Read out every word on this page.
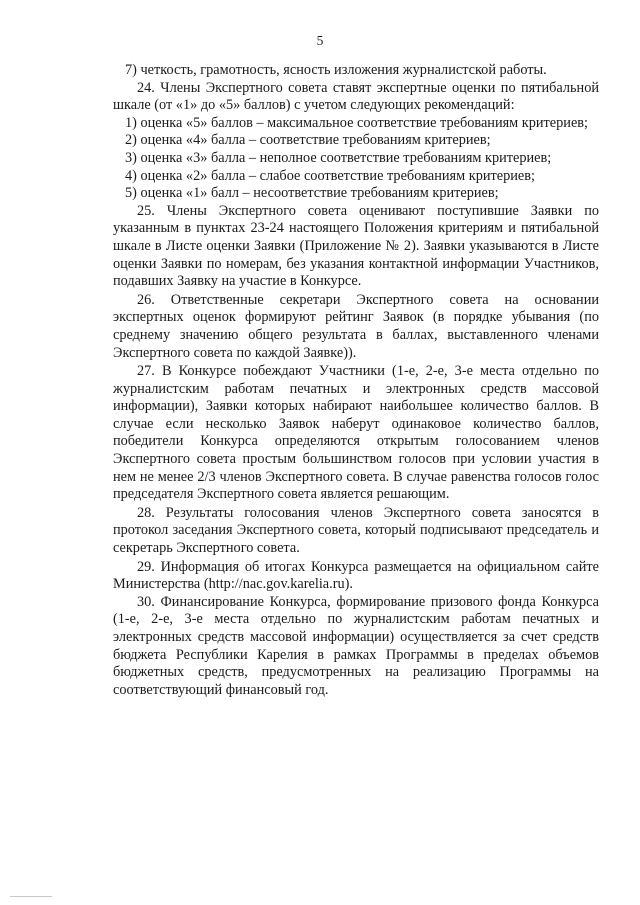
5

7) четкость, грамотность, ясность изложения журналистской работы.

24. Члены Экспертного совета ставят экспертные оценки по пятибальной шкале (от «1» до «5» баллов) с учетом следующих рекомендаций:

1) оценка «5» баллов – максимальное соответствие требованиям критериев;

2) оценка «4» балла – соответствие требованиям критериев;

3) оценка «3» балла – неполное соответствие требованиям критериев;

4) оценка «2» балла – слабое соответствие требованиям критериев;

5) оценка «1» балл – несоответствие требованиям критериев;

25. Члены Экспертного совета оценивают поступившие Заявки по указанным в пунктах 23-24 настоящего Положения критериям и пятибальной шкале в Листе оценки Заявки (Приложение № 2). Заявки указываются в Листе оценки Заявки по номерам, без указания контактной информации Участников, подавших Заявку на участие в Конкурсе.

26. Ответственные секретари Экспертного совета на основании экспертных оценок формируют рейтинг Заявок (в порядке убывания (по среднему значению общего результата в баллах, выставленного членами Экспертного совета по каждой Заявке)).

27. В Конкурсе побеждают Участники (1-е, 2-е, 3-е места отдельно по журналистским работам печатных и электронных средств массовой информации), Заявки которых набирают наибольшее количество баллов. В случае если несколько Заявок наберут одинаковое количество баллов, победители Конкурса определяются открытым голосованием членов Экспертного совета простым большинством голосов при условии участия в нем не менее 2/3 членов Экспертного совета. В случае равенства голосов голос председателя Экспертного совета является решающим.

28. Результаты голосования членов Экспертного совета заносятся в протокол заседания Экспертного совета, который подписывают председатель и секретарь Экспертного совета.

29. Информация об итогах Конкурса размещается на официальном сайте Министерства (http://nac.gov.karelia.ru).

30. Финансирование Конкурса, формирование призового фонда Конкурса (1-е, 2-е, 3-е места отдельно по журналистским работам печатных и электронных средств массовой информации) осуществляется за счет средств бюджета Республики Карелия в рамках Программы в пределах объемов бюджетных средств, предусмотренных на реализацию Программы на соответствующий финансовый год.
